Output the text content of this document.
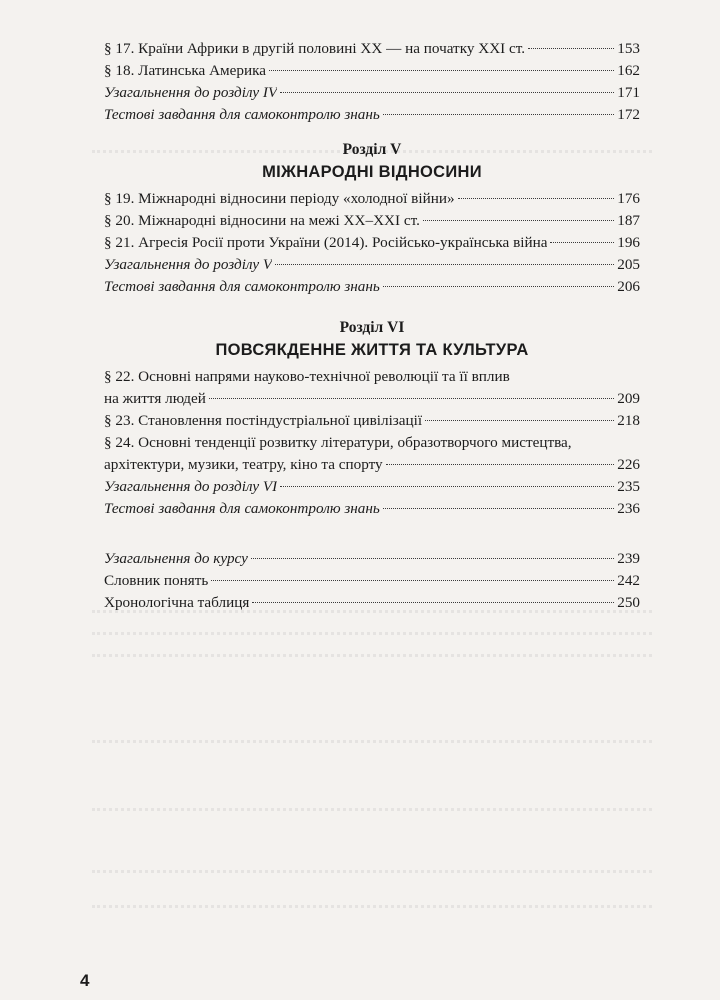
§ 17. Країни Африки в другій половині XX — на початку XXI ст.	153
§ 18. Латинська Америка	162
Узагальнення до розділу IV	171
Тестові завдання для самоконтролю знань	172
Розділ V
МІЖНАРОДНІ ВІДНОСИНИ
§ 19. Міжнародні відносини періоду «холодної війни»	176
§ 20. Міжнародні відносини на межі XX–XXI ст.	187
§ 21. Агресія Росії проти України (2014). Російсько-українська війна	196
Узагальнення до розділу V	205
Тестові завдання для самоконтролю знань	206
Розділ VI
ПОВСЯКДЕННЕ ЖИТТЯ ТА КУЛЬТУРА
§ 22. Основні напрями науково-технічної революції та її вплив
на життя людей	209
§ 23. Становлення постіндустріальної цивілізації	218
§ 24. Основні тенденції розвитку літератури, образотворчого мистецтва,
архітектури, музики, театру, кіно та спорту	226
Узагальнення до розділу VI	235
Тестові завдання для самоконтролю знань	236
Узагальнення до курсу	239
Словник понять	242
Хронологічна таблиця	250
4
